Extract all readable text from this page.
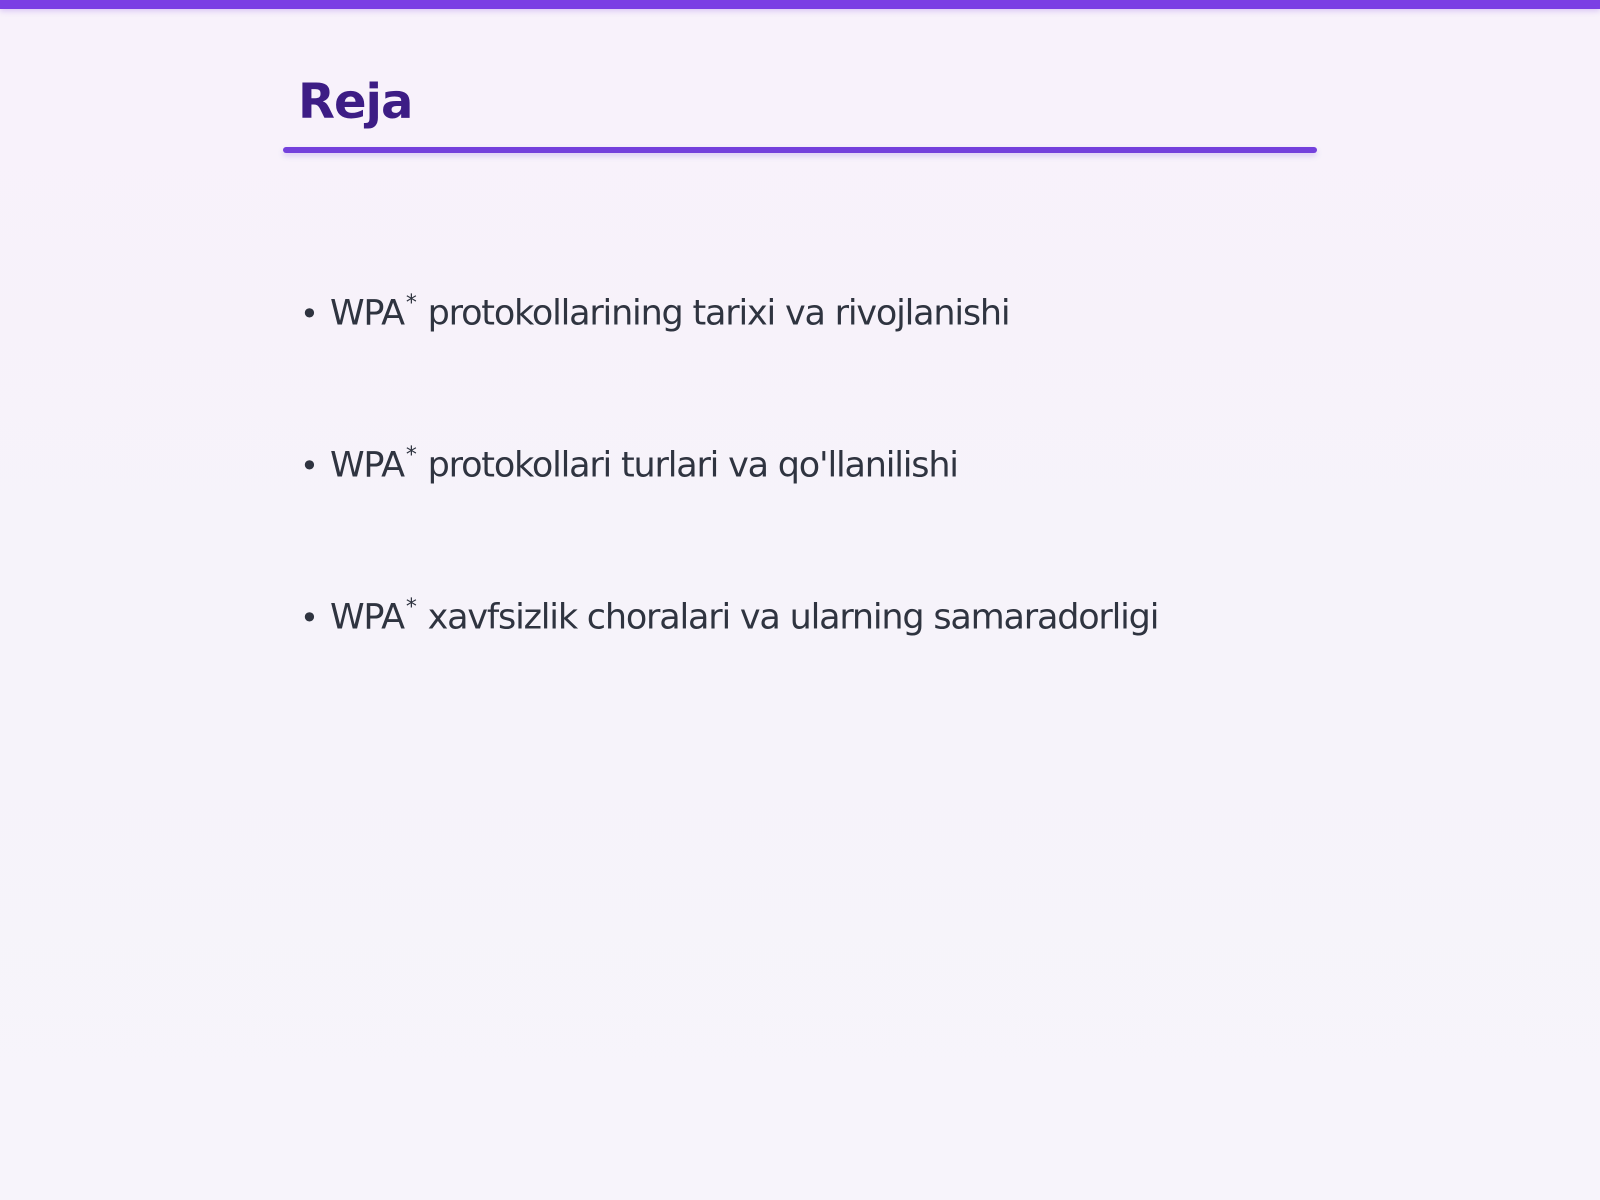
Reja
• WPA* protokollarining tarixi va rivojlanishi
• WPA* protokollari turlari va qo'llanilishi
• WPA* xavfsizlik choralari va ularning samaradorligi
